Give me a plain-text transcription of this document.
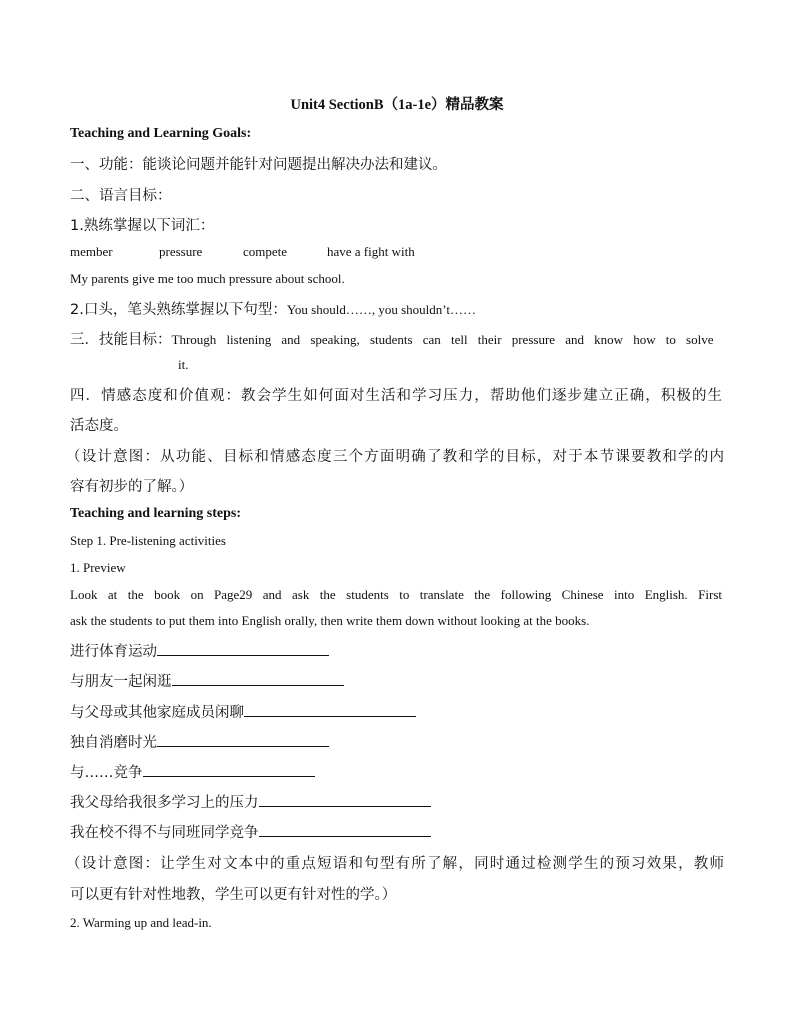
Unit4 SectionB（1a-1e）精品教案
Teaching and Learning Goals:
一、功能：能谈论问题并能针对问题提出解决办法和建议。
二、语言目标：
1.熟练掌握以下词汇：
member	pressure	compete	have a fight with
My parents give me too much pressure about school.
2.口头，笔头熟练掌握以下句型：You should……, you shouldn’t……
三．技能目标：Through listening and speaking, students can tell their pressure and know how to solve
it.
四．情感态度和价值观：教会学生如何面对生活和学习压力，帮助他们逐步建立正确，积极的生
活态度。
（设计意图：从功能、目标和情感态度三个方面明确了教和学的目标，对于本节课要教和学的内
容有初步的了解。）
Teaching and learning steps:
Step 1. Pre-listening activities
1. Preview
Look at the book on Page29 and ask the students to translate the following Chinese into English. First
ask the students to put them into English orally, then write them down without looking at the books.
进行体育运动
与朋友一起闲逛
与父母或其他家庭成员闲聊
独自消磨时光
与……竞争
我父母给我很多学习上的压力
我在校不得不与同班同学竞争
（设计意图：让学生对文本中的重点短语和句型有所了解，同时通过检测学生的预习效果，教师
可以更有针对性地教，学生可以更有针对性的学。）
2. Warming up and lead-in.
